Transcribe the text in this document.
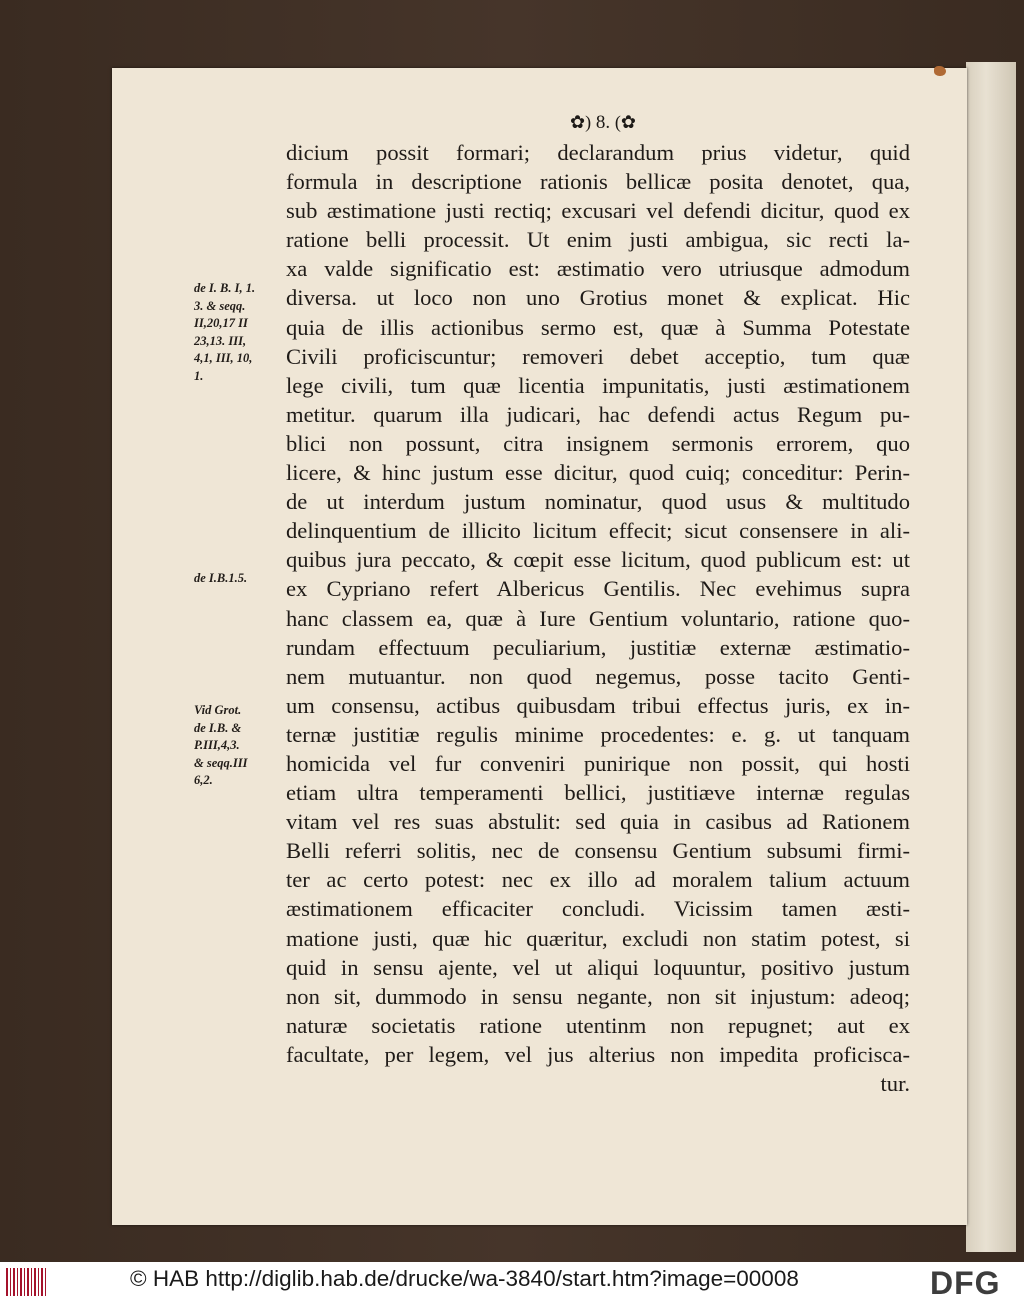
✿) 8. (✿
dicium possit formari; declarandum prius videtur, quid
formula in descriptione rationis bellicæ posita denotet, qua,
sub æstimatione justi rectiq; excusari vel defendi dicitur, quod ex
ratione belli processit. Ut enim justi ambigua, sic recti la-
xa valde significatio est: æstimatio vero utriusque admodum
diversa. ut loco non uno Grotius monet & explicat. Hic
quia de illis actionibus sermo est, quæ à Summa Potestate
Civili proficiscuntur; removeri debet acceptio, tum quæ
lege civili, tum quæ licentia impunitatis, justi æstimationem
metitur. quarum illa judicari, hac defendi actus Regum pu-
blici non possunt, citra insignem sermonis errorem, quo
licere, & hinc justum esse dicitur, quod cuiq; conceditur: Perin-
de ut interdum justum nominatur, quod usus & multitudo
delinquentium de illicito licitum effecit; sicut consensere in ali-
quibus jura peccato, & cœpit esse licitum, quod publicum est: ut
ex Cypriano refert Albericus Gentilis. Nec evehimus supra
hanc classem ea, quæ à Iure Gentium voluntario, ratione quo-
rundam effectuum peculiarium, justitiæ externæ æstimatio-
nem mutuantur. non quod negemus, posse tacito Genti-
um consensu, actibus quibusdam tribui effectus juris, ex in-
ternæ justitiæ regulis minime procedentes: e. g. ut tanquam
homicida vel fur conveniri punirique non possit, qui hosti
etiam ultra temperamenti bellici, justitiæve internæ regulas
vitam vel res suas abstulit: sed quia in casibus ad Rationem
Belli referri solitis, nec de consensu Gentium subsumi firmi-
ter ac certo potest: nec ex illo ad moralem talium actuum
æstimationem efficaciter concludi. Vicissim tamen æsti-
matione justi, quæ hic quæritur, excludi non statim potest, si
quid in sensu ajente, vel ut aliqui loquuntur, positivo justum
non sit, dummodo in sensu negante, non sit injustum: adeoq;
naturæ societatis ratione utentinm non repugnet; aut ex
facultate, per legem, vel jus alterius non impedita proficisca-
tur.
de I. B. I, 1.
3. & seqq.
II,20,17 II
23,13. III,
4,1, III, 10,
1.
de I.B.1.5.
Vid Grot.
de I.B. &
P.III,4,3.
& seqq.III
6,2.
© HAB http://diglib.hab.de/drucke/wa-3840/start.htm?image=00008	DFG
